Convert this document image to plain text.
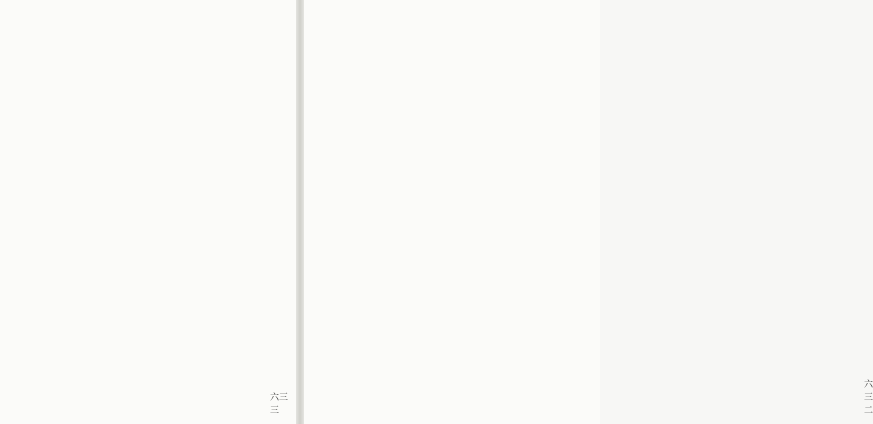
六三三
六三二
